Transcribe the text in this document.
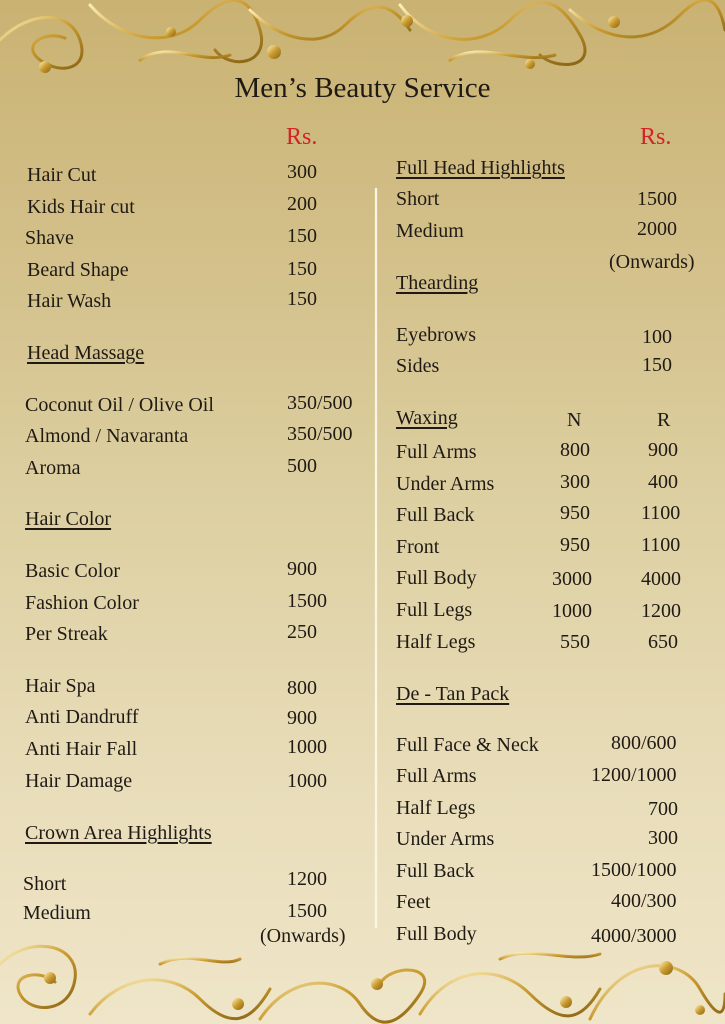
Men’s Beauty Service
Rs.	Rs.
Hair Cut	300
Kids Hair cut	200
Shave	150
Beard Shape	150
Hair Wash	150
Head Massage
Coconut Oil / Olive Oil	350/500
Almond / Navaranta	350/500
Aroma	500
Hair Color
Basic Color	900
Fashion Color	1500
Per Streak	250
Hair Spa	800
Anti Dandruff	900
Anti Hair Fall	1000
Hair Damage	1000
Crown Area Highlights
Short	1200
Medium	1500
(Onwards)
Full Head Highlights
Short	1500
Medium	2000
(Onwards)
Thearding
Eyebrows	100
Sides	150
Waxing	N	R
Full Arms	800	900
Under Arms	300	400
Full Back	950	1100
Front	950	1100
Full Body	3000 4000
Full Legs	1000 1200
Half Legs	550	650
De - Tan Pack
Full Face & Neck	800/600
Full Arms	1200/1000
Half Legs	700
Under Arms	300
Full Back	1500/1000
Feet	400/300
Full Body	4000/3000
